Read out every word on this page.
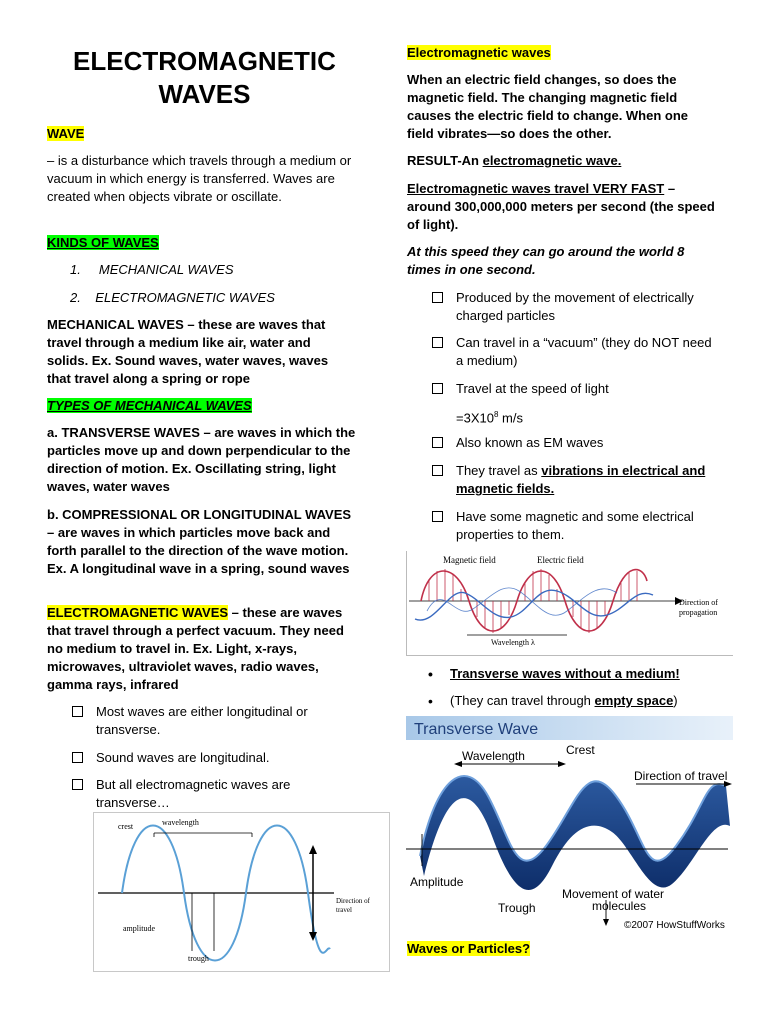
ELECTROMAGNETIC
WAVES
WAVE

– is a disturbance which travels through a medium or vacuum in which energy is transferred. Waves are created when objects vibrate or oscillate.

KINDS OF WAVES
1. MECHANICAL WAVES
2. ELECTROMAGNETIC WAVES

MECHANICAL WAVES – these are waves that travel through a medium like air, water and solids. Ex. Sound waves, water waves, waves that travel along a spring or rope

TYPES OF MECHANICAL WAVES

a. TRANSVERSE WAVES – are waves in which the particles move up and down perpendicular to the direction of motion. Ex. Oscillating string, light waves, water waves

b. COMPRESSIONAL OR LONGITUDINAL WAVES – are waves in which particles move back and forth parallel to the direction of the wave motion. Ex. A longitudinal wave in a spring, sound waves

ELECTROMAGNETIC WAVES – these are waves that travel through a perfect vacuum. They need no medium to travel in. Ex. Light, x-rays, microwaves, ultraviolet waves, radio waves, gamma rays, infrared

Most waves are either longitudinal or transverse.
Sound waves are longitudinal.
But all electromagnetic waves are transverse…
crest	wavelength
amplitude
trough
Direction of
travel
Electromagnetic waves

When an electric field changes, so does the magnetic field. The changing magnetic field causes the electric field to change. When one field vibrates—so does the other.

RESULT-An electromagnetic wave.

Electromagnetic waves travel VERY FAST – around 300,000,000 meters per second (the speed of light).

At this speed they can go around the world 8 times in one second.

Produced by the movement of electrically charged particles
Can travel in a “vacuum” (they do NOT need a medium)
Travel at the speed of light
$=3X10^8$ m/s
Also known as EM waves
They travel as vibrations in electrical and magnetic fields.
Have some magnetic and some electrical properties to them.
Magnetic field	Electric field
Direction of
propagation
Wavelength λ
•	Transverse waves without a medium!
•	(They can travel through empty space)
Transverse Wave
Wavelength	Crest
Direction of travel
Amplitude
Trough
Movement of water
molecules
©2007 HowStuffWorks
Waves or Particles?
